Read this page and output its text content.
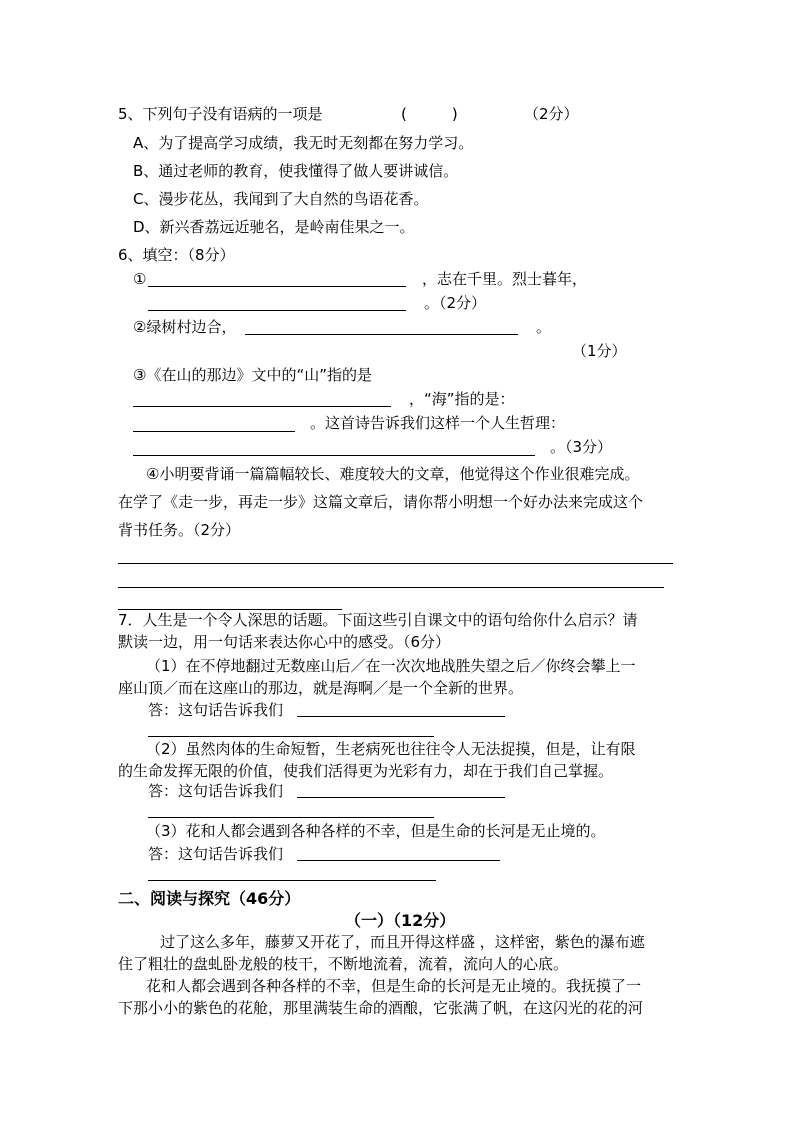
5、下列句子没有语病的一项是	(　　　)	（2分）
A、为了提高学习成绩，我无时无刻都在努力学习。
B、通过老师的教育，使我懂得了做人要讲诚信。
C、漫步花丛，我闻到了大自然的鸟语花香。
D、新兴香荔远近驰名，是岭南佳果之一。
6、填空：（8分）
①	，志在千里。烈士暮年，
。（2分）
②绿树村边合，	。
（1分）
③《在山的那边》文中的“山”指的是
，“海”指的是：
。这首诗告诉我们这样一个人生哲理：
。（3分）
④小明要背诵一篇篇幅较长、难度较大的文章，他觉得这个作业很难完成。
在学了《走一步，再走一步》这篇文章后，请你帮小明想一个好办法来完成这个
背书任务。（2分）
7．人生是一个令人深思的话题。下面这些引自课文中的语句给你什么启示？请
默读一边，用一句话来表达你心中的感受。（6分）
（1）在不停地翻过无数座山后／在一次次地战胜失望之后／你终会攀上一
座山顶／而在这座山的那边，就是海啊／是一个全新的世界。
答：这句话告诉我们
（2）虽然肉体的生命短暂，生老病死也往往令人无法捉摸，但是，让有限
的生命发挥无限的价值，使我们活得更为光彩有力，却在于我们自己掌握。
答：这句话告诉我们
（3）花和人都会遇到各种各样的不幸，但是生命的长河是无止境的。
答：这句话告诉我们
二、阅读与探究（46分）
（一）（12分）
过了这么多年，藤萝又开花了，而且开得这样盛 ，这样密，紫色的瀑布遮
住了粗壮的盘虬卧龙般的枝干，不断地流着，流着，流向人的心底。
花和人都会遇到各种各样的不幸，但是生命的长河是无止境的。我抚摸了一
下那小小的紫色的花舱，那里满装生命的酒酿，它张满了帆，在这闪光的花的河
